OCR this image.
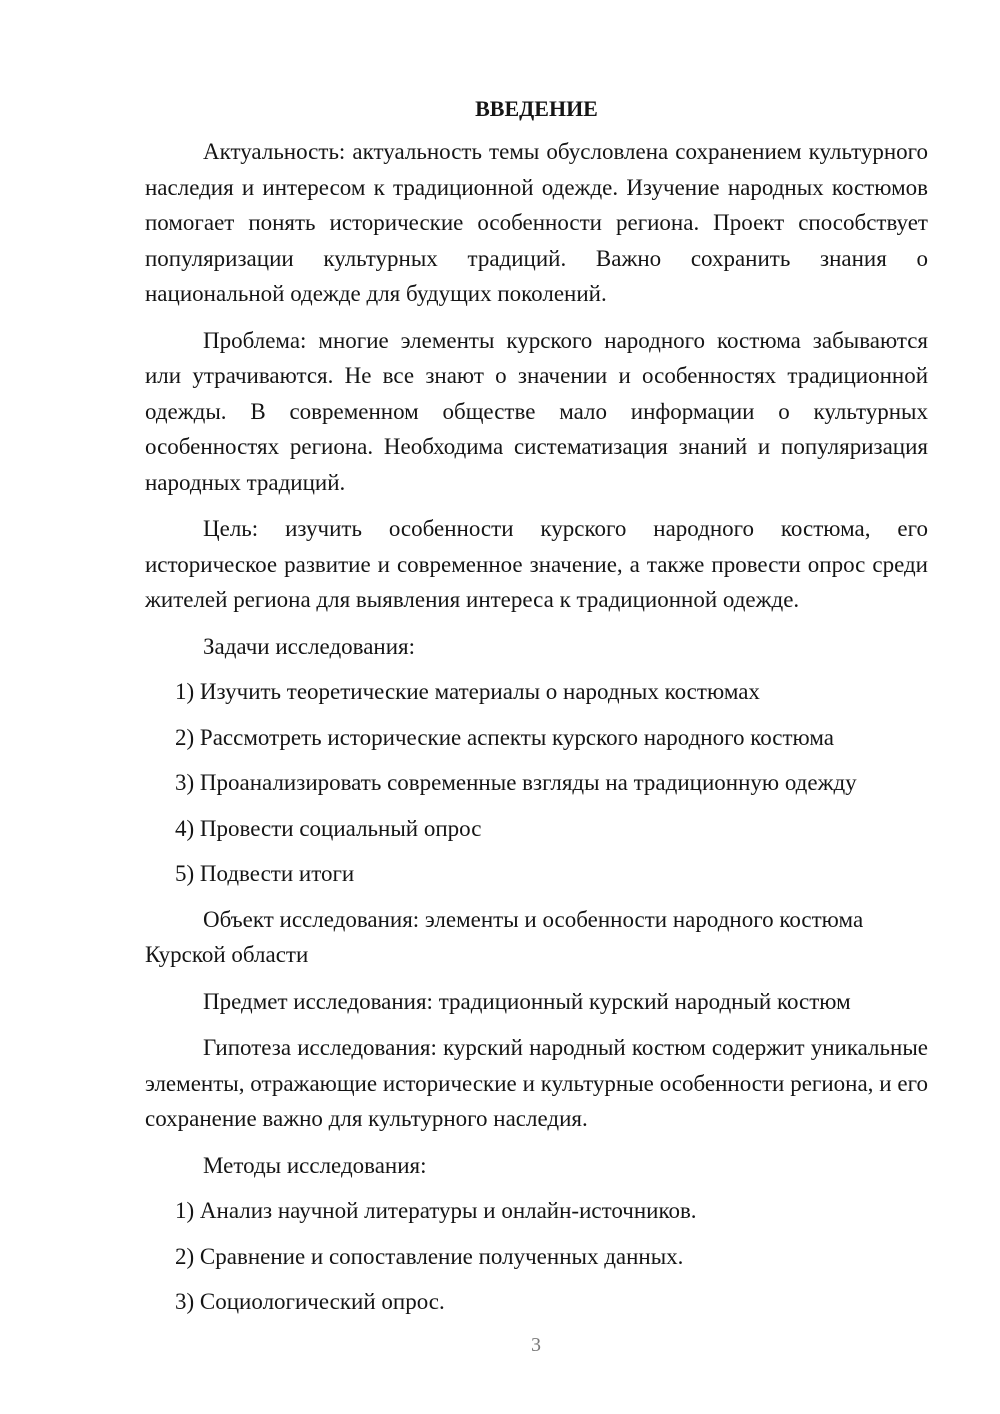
ВВЕДЕНИЕ

Актуальность: актуальность темы обусловлена сохранением культурного наследия и интересом к традиционной одежде. Изучение народных костюмов помогает понять исторические особенности региона. Проект способствует популяризации культурных традиций. Важно сохранить знания о национальной одежде для будущих поколений.

Проблема: многие элементы курского народного костюма забываются или утрачиваются. Не все знают о значении и особенностях традиционной одежды. В современном обществе мало информации о культурных особенностях региона. Необходима систематизация знаний и популяризация народных традиций.

Цель: изучить особенности курского народного костюма, его историческое развитие и современное значение, а также провести опрос среди жителей региона для выявления интереса к традиционной одежде.

Задачи исследования:

1) Изучить теоретические материалы о народных костюмах

2) Рассмотреть исторические аспекты курского народного костюма

3) Проанализировать современные взгляды на традиционную одежду

4) Провести социальный опрос

5) Подвести итоги

Объект исследования: элементы и особенности народного костюма Курской области

Предмет исследования: традиционный курский народный костюм

Гипотеза исследования: курский народный костюм содержит уникальные элементы, отражающие исторические и культурные особенности региона, и его сохранение важно для культурного наследия.

Методы исследования:

1) Анализ научной литературы и онлайн-источников.

2) Сравнение и сопоставление полученных данных.

3) Социологический опрос.

3
